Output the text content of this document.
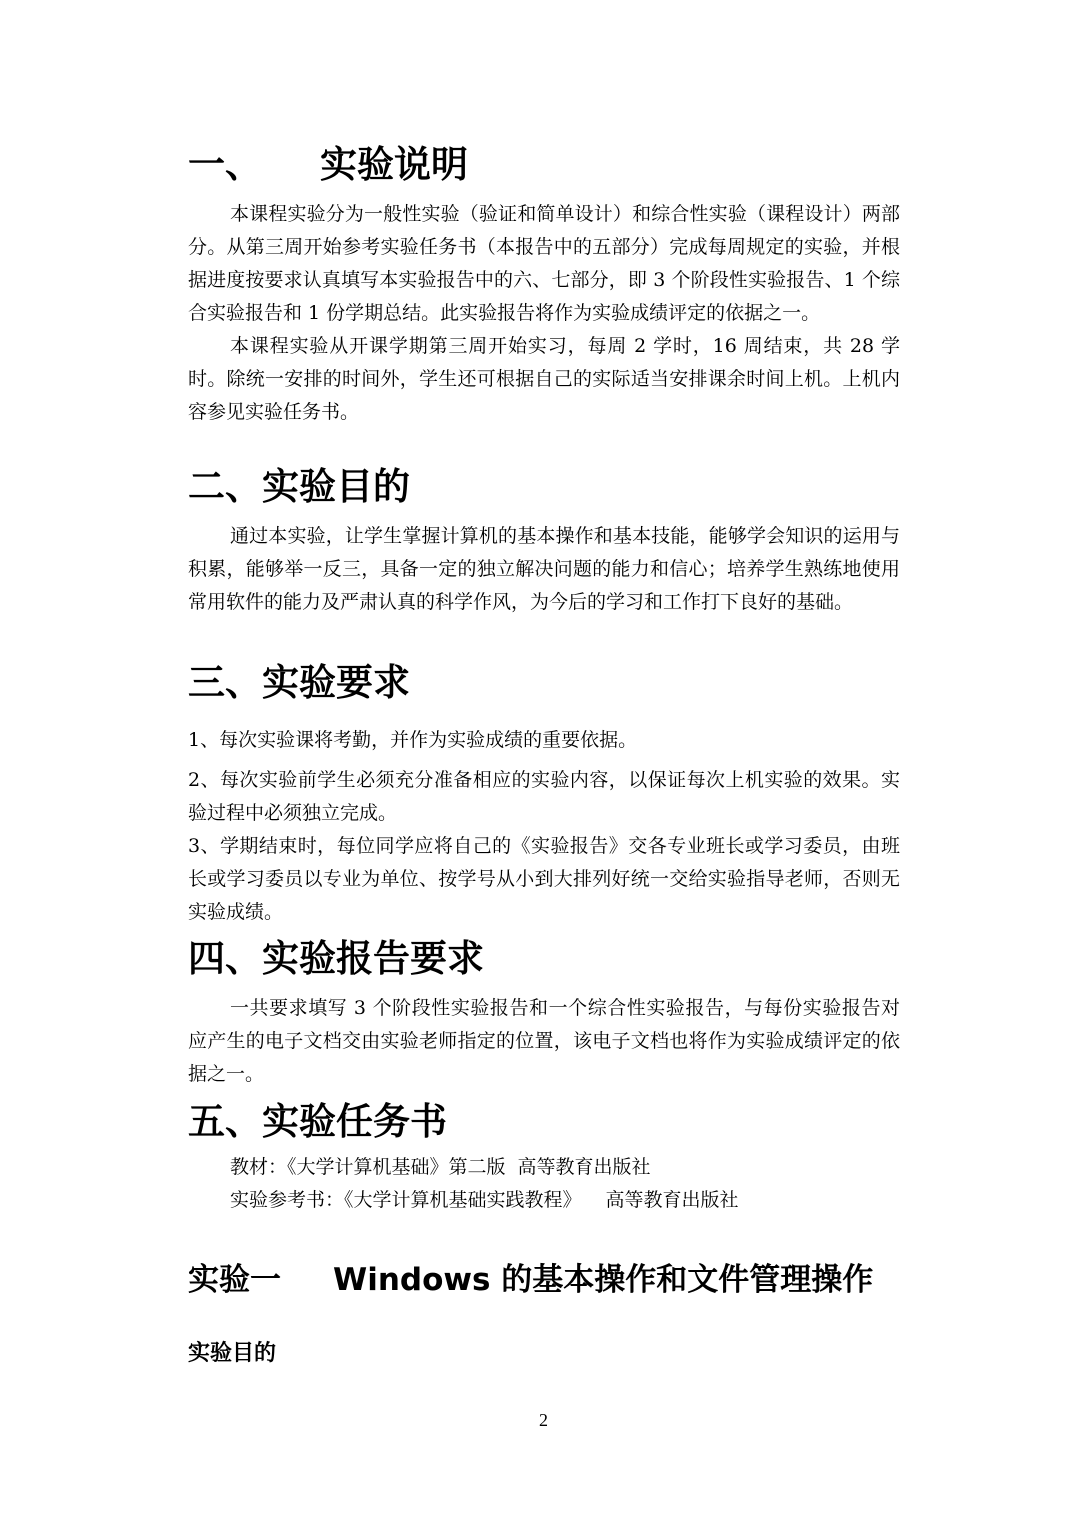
一、 实验说明

本课程实验分为一般性实验（验证和简单设计）和综合性实验（课程设计）两部分。从第三周开始参考实验任务书（本报告中的五部分）完成每周规定的实验，并根据进度按要求认真填写本实验报告中的六、七部分，即 3 个阶段性实验报告、1 个综合实验报告和 1 份学期总结。此实验报告将作为实验成绩评定的依据之一。

本课程实验从开课学期第三周开始实习，每周 2 学时，16 周结束，共 28 学时。除统一安排的时间外，学生还可根据自己的实际适当安排课余时间上机。上机内容参见实验任务书。

二、实验目的

通过本实验，让学生掌握计算机的基本操作和基本技能，能够学会知识的运用与积累，能够举一反三，具备一定的独立解决问题的能力和信心；培养学生熟练地使用常用软件的能力及严肃认真的科学作风，为今后的学习和工作打下良好的基础。

三、实验要求

1、每次实验课将考勤，并作为实验成绩的重要依据。

2、每次实验前学生必须充分准备相应的实验内容，以保证每次上机实验的效果。实验过程中必须独立完成。

3、学期结束时，每位同学应将自己的《实验报告》交各专业班长或学习委员，由班长或学习委员以专业为单位、按学号从小到大排列好统一交给实验指导老师，否则无实验成绩。

四、实验报告要求

一共要求填写 3 个阶段性实验报告和一个综合性实验报告，与每份实验报告对应产生的电子文档交由实验老师指定的位置，该电子文档也将作为实验成绩评定的依据之一。

五、实验任务书
教材：《大学计算机基础》第二版 高等教育出版社
实验参考书：《大学计算机基础实践教程》 高等教育出版社
实验一 Windows 的基本操作和文件管理操作
实验目的
2
